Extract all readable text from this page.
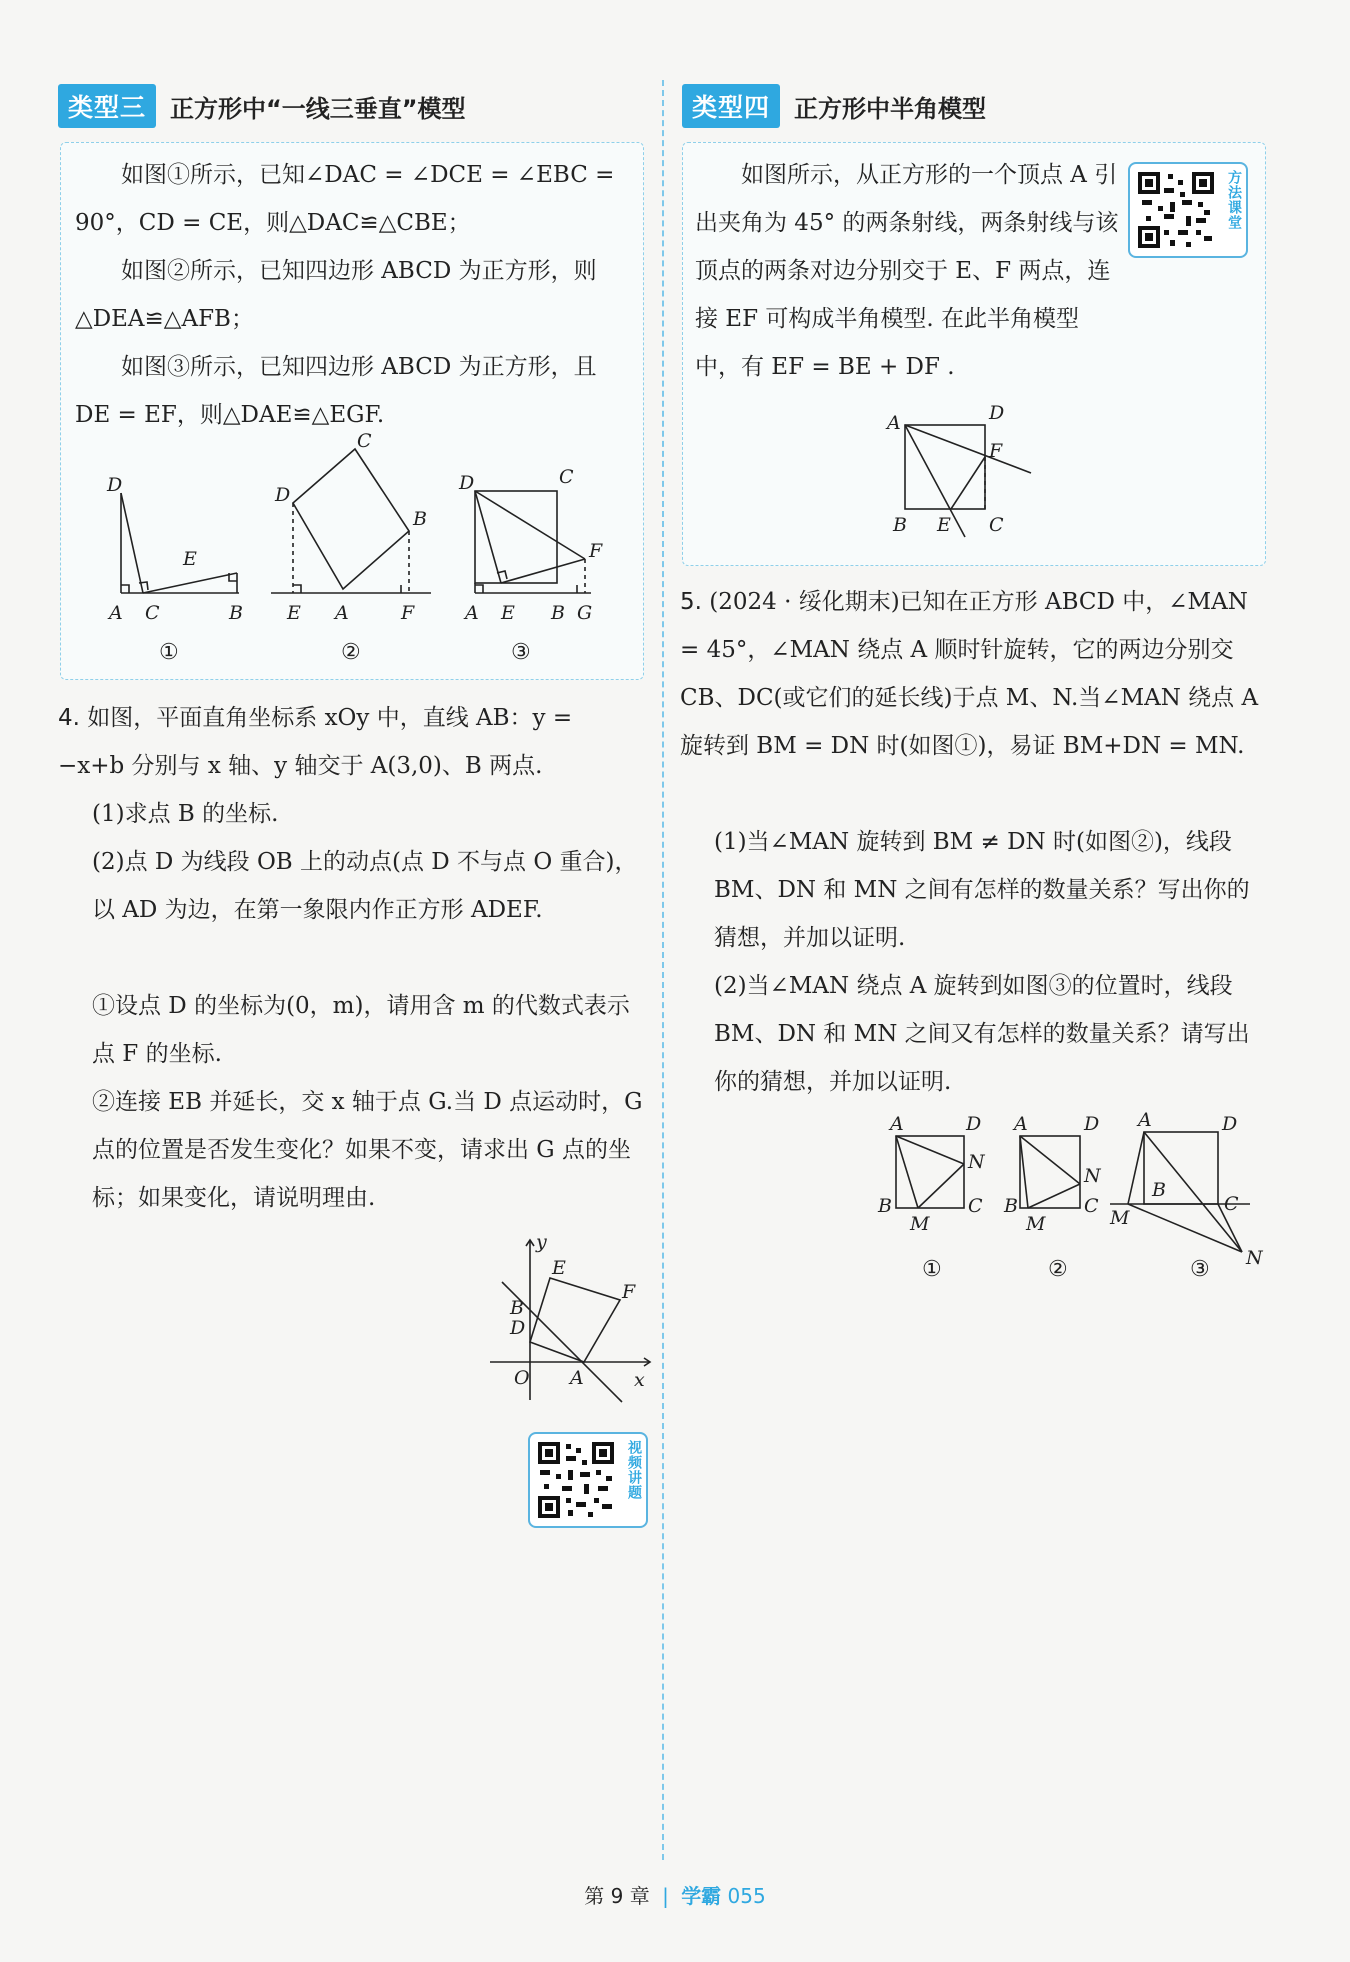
类型三	正方形中“一线三垂直”模型

如图①所示，已知∠DAC = ∠DCE = ∠EBC = 90°，CD = CE，则△DAC≌△CBE；

如图②所示，已知四边形 ABCD 为正方形，则△DEA≌△AFB；

如图③所示，已知四边形 ABCD 为正方形，且 DE = EF，则△DAE≌△EGF.

D
E
A C	B
D
C
B
E A	F
D	C
F
A E B G
①	②	③
4. 如图，平面直角坐标系 xOy 中，直线 AB：y = −x+b 分别与 x 轴、y 轴交于 A(3,0)、B 两点.

(1)求点 B 的坐标.

(2)点 D 为线段 OB 上的动点(点 D 不与点 O 重合)，以 AD 为边，在第一象限内作正方形 ADEF.

①设点 D 的坐标为(0，m)，请用含 m 的代数式表示点 F 的坐标.

②连接 EB 并延长，交 x 轴于点 G.当 D 点运动时，G 点的位置是否发生变化？如果不变，请求出 G 点的坐标；如果变化，请说明理由.

y
x
O A
B
D
E
F
视频讲题
类型四	正方形中半角模型

如图所示，从正方形的一个顶点 A 引出夹角为 45° 的两条射线，两条射线与该顶点的两条对边分别交于 E、F 两点，连接 EF 可构成半角模型. 在此半角模型中，有 EF = BE + DF .

A	D
F
B E C
方法课堂
5. (2024 · 绥化期末)已知在正方形 ABCD 中，∠MAN = 45°，∠MAN 绕点 A 顺时针旋转，它的两边分别交 CB、DC(或它们的延长线)于点 M、N.当∠MAN 绕点 A 旋转到 BM = DN 时(如图①)，易证 BM+DN = MN.

(1)当∠MAN 旋转到 BM ≠ DN 时(如图②)，线段 BM、DN 和 MN 之间有怎样的数量关系？写出你的猜想，并加以证明.

(2)当∠MAN 绕点 A 旋转到如图③的位置时，线段 BM、DN 和 MN 之间又有怎样的数量关系？请写出你的猜想，并加以证明.

A	D
N
B
M
C
A	D
N
B
M
C
A	D
B
C
M
N
①	②	③
第 9 章 | 学霸 055
